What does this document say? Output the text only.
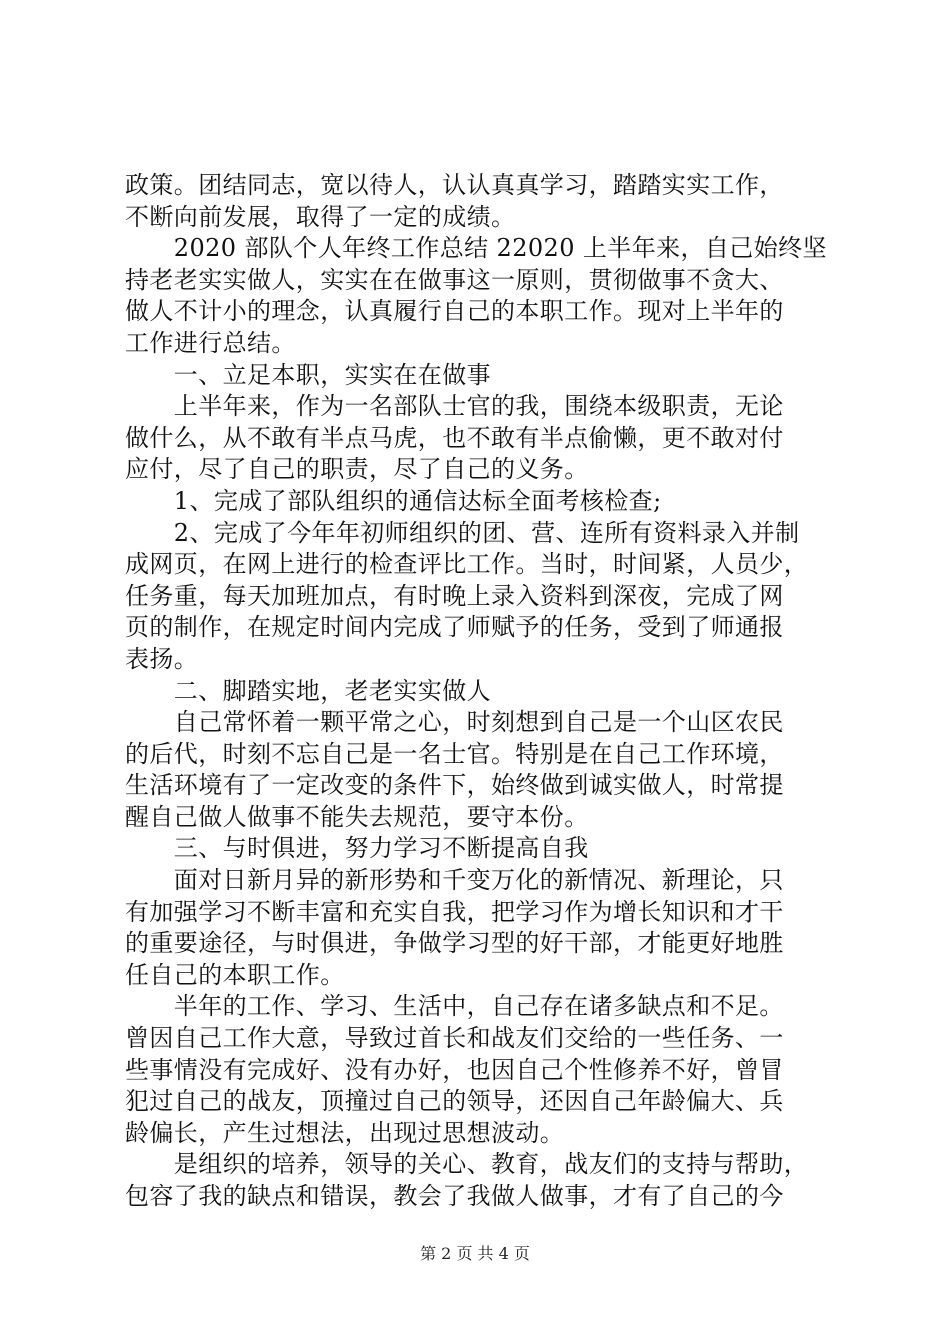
政策。团结同志，宽以待人，认认真真学习，踏踏实实工作，
不断向前发展，取得了一定的成绩。
　　2020 部队个人年终工作总结 22020 上半年来，自己始终坚
持老老实实做人，实实在在做事这一原则，贯彻做事不贪大、
做人不计小的理念，认真履行自己的本职工作。现对上半年的
工作进行总结。
　　一、立足本职，实实在在做事
　　上半年来，作为一名部队士官的我，围绕本级职责，无论
做什么，从不敢有半点马虎，也不敢有半点偷懒，更不敢对付
应付，尽了自己的职责，尽了自己的义务。
　　1、完成了部队组织的通信达标全面考核检查;
　　2、完成了今年年初师组织的团、营、连所有资料录入并制
成网页，在网上进行的检查评比工作。当时，时间紧，人员少，
任务重，每天加班加点，有时晚上录入资料到深夜，完成了网
页的制作，在规定时间内完成了师赋予的任务，受到了师通报
表扬。
　　二、脚踏实地，老老实实做人
　　自己常怀着一颗平常之心，时刻想到自己是一个山区农民
的后代，时刻不忘自己是一名士官。特别是在自己工作环境，
生活环境有了一定改变的条件下，始终做到诚实做人，时常提
醒自己做人做事不能失去规范，要守本份。
　　三、与时俱进，努力学习不断提高自我
　　面对日新月异的新形势和千变万化的新情况、新理论，只
有加强学习不断丰富和充实自我，把学习作为增长知识和才干
的重要途径，与时俱进，争做学习型的好干部，才能更好地胜
任自己的本职工作。
　　半年的工作、学习、生活中，自己存在诸多缺点和不足。
曾因自己工作大意，导致过首长和战友们交给的一些任务、一
些事情没有完成好、没有办好，也因自己个性修养不好，曾冒
犯过自己的战友，顶撞过自己的领导，还因自己年龄偏大、兵
龄偏长，产生过想法，出现过思想波动。
　　是组织的培养，领导的关心、教育，战友们的支持与帮助，
包容了我的缺点和错误，教会了我做人做事，才有了自己的今
第 2 页 共 4 页
